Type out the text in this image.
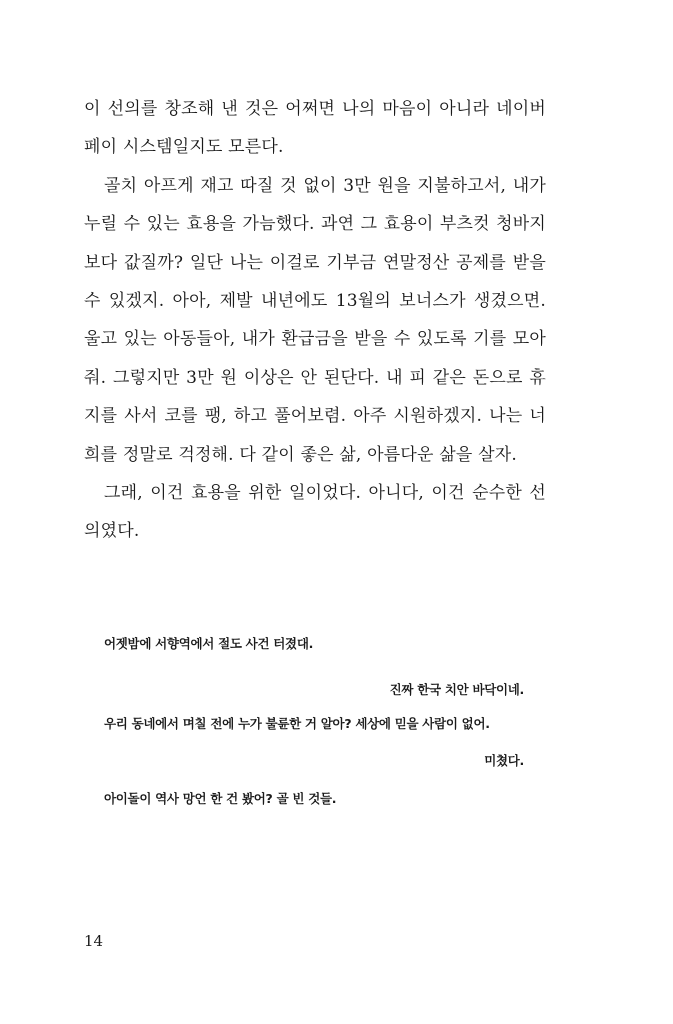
이 선의를 창조해 낸 것은 어쩌면 나의 마음이 아니라 네이버 페이 시스템일지도 모른다.

골치 아프게 재고 따질 것 없이 3만 원을 지불하고서, 내가 누릴 수 있는 효용을 가늠했다. 과연 그 효용이 부츠컷 청바지보다 값질까? 일단 나는 이걸로 기부금 연말정산 공제를 받을 수 있겠지. 아아, 제발 내년에도 13월의 보너스가 생겼으면. 울고 있는 아동들아, 내가 환급금을 받을 수 있도록 기를 모아줘. 그렇지만 3만 원 이상은 안 된단다. 내 피 같은 돈으로 휴지를 사서 코를 팽, 하고 풀어보렴. 아주 시원하겠지. 나는 너희를 정말로 걱정해. 다 같이 좋은 삶, 아름다운 삶을 살자.

그래, 이건 효용을 위한 일이었다. 아니다, 이건 순수한 선의였다.

어젯밤에 서향역에서 절도 사건 터졌대.
진짜 한국 치안 바닥이네.
우리 동네에서 며칠 전에 누가 불륜한 거 알아? 세상에 믿을 사람이 없어.
미쳤다.
아이돌이 역사 망언 한 건 봤어? 골 빈 것들.
14
